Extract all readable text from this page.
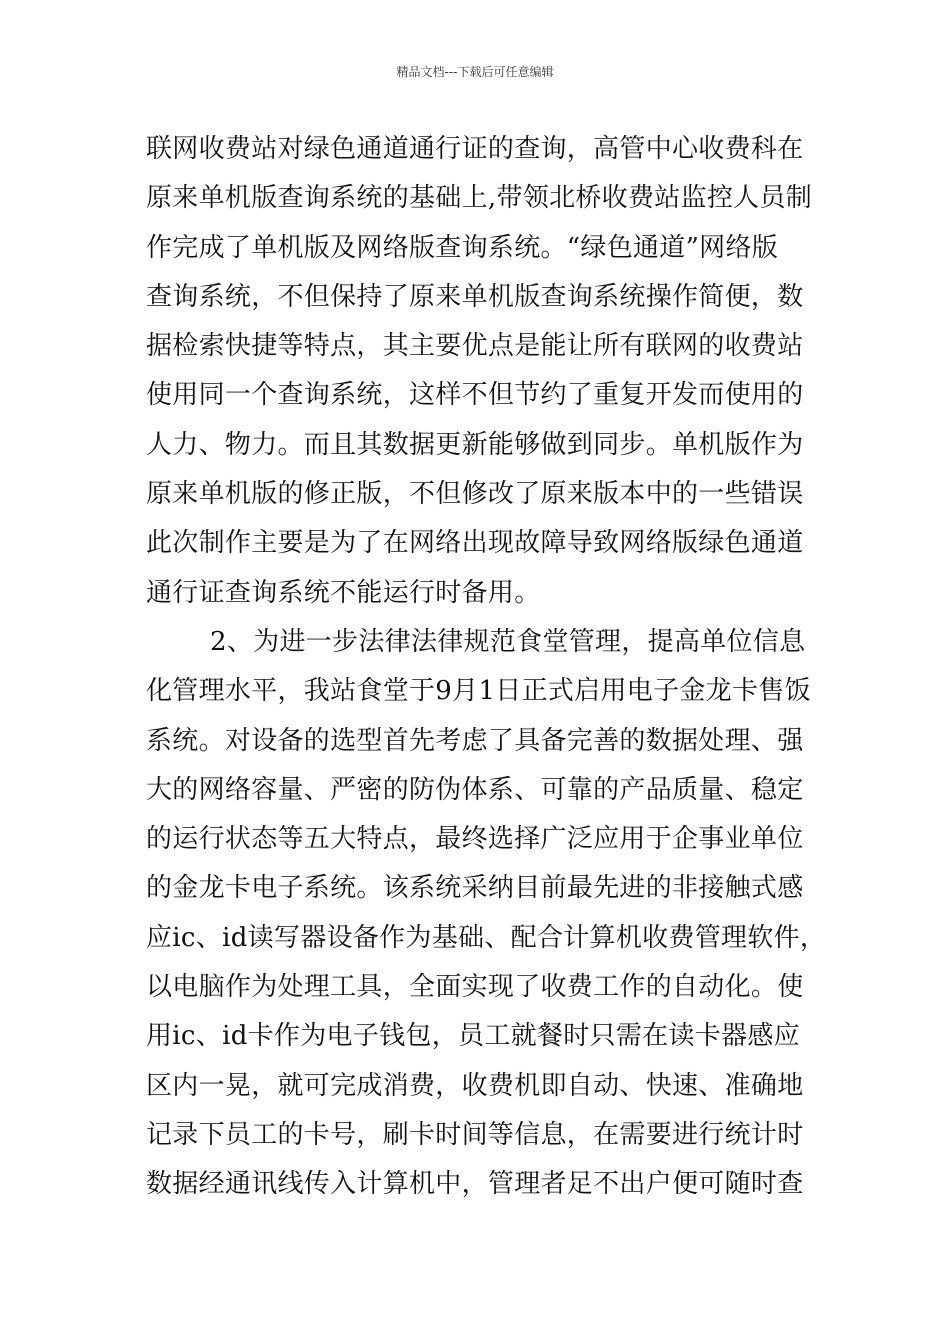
精品文档---下载后可任意编辑
联网收费站对绿色通道通行证的查询，高管中心收费科在
原来单机版查询系统的基础上,带领北桥收费站监控人员制
作完成了单机版及网络版查询系统。“绿色通道”网络版
查询系统，不但保持了原来单机版查询系统操作简便，数
据检索快捷等特点，其主要优点是能让所有联网的收费站
使用同一个查询系统，这样不但节约了重复开发而使用的
人力、物力。而且其数据更新能够做到同步。单机版作为
原来单机版的修正版，不但修改了原来版本中的一些错误
此次制作主要是为了在网络出现故障导致网络版绿色通道
通行证查询系统不能运行时备用。
2、为进一步法律法律规范食堂管理，提高单位信息
化管理水平，我站食堂于9月1日正式启用电子金龙卡售饭
系统。对设备的选型首先考虑了具备完善的数据处理、强
大的网络容量、严密的防伪体系、可靠的产品质量、稳定
的运行状态等五大特点，最终选择广泛应用于企事业单位
的金龙卡电子系统。该系统采纳目前最先进的非接触式感
应ic、id读写器设备作为基础、配合计算机收费管理软件，
以电脑作为处理工具，全面实现了收费工作的自动化。使
用ic、id卡作为电子钱包，员工就餐时只需在读卡器感应
区内一晃，就可完成消费，收费机即自动、快速、准确地
记录下员工的卡号，刷卡时间等信息，在需要进行统计时
数据经通讯线传入计算机中，管理者足不出户便可随时查
